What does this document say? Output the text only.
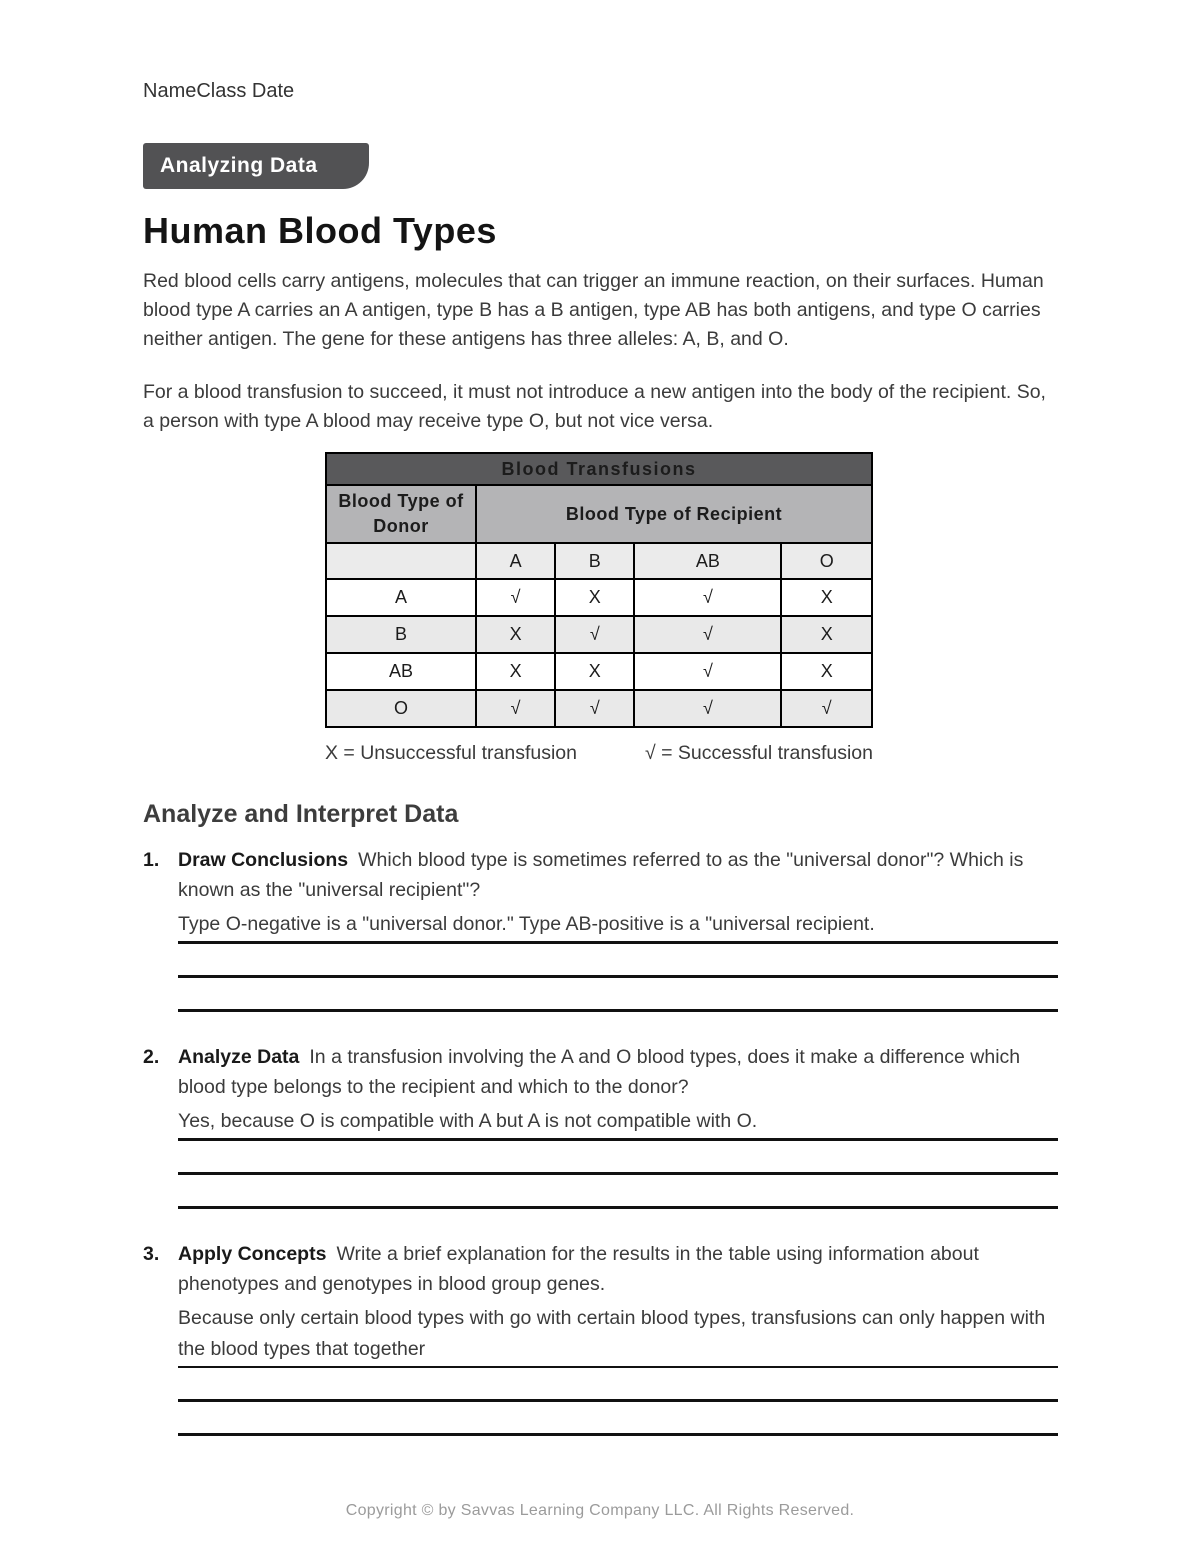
NameClass Date
Analyzing Data
Human Blood Types

Red blood cells carry antigens, molecules that can trigger an immune reaction, on their surfaces. Human blood type A carries an A antigen, type B has a B antigen, type AB has both antigens, and type O carries neither antigen. The gene for these antigens has three alleles: A, B, and O.

For a blood transfusion to succeed, it must not introduce a new antigen into the body of the recipient. So, a person with type A blood may receive type O, but not vice versa.

Blood Transfusions				
Blood Type of Donor	Blood Type of Recipient			
	A	B	AB	O
A	√	X	√	X
B	X	√	√	X
AB	X	X	√	X
O	√	√	√	√
X = Unsuccessful transfusion	√ = Successful transfusion
Analyze and Interpret Data
1. Draw Conclusions Which blood type is sometimes referred to as the "universal donor"? Which is known as the "universal recipient"?
Type O-negative is a "universal donor." Type AB-positive is a "universal recipient.
2. Analyze Data In a transfusion involving the A and O blood types, does it make a difference which blood type belongs to the recipient and which to the donor?
Yes, because O is compatible with A but A is not compatible with O.
3. Apply Concepts Write a brief explanation for the results in the table using information about phenotypes and genotypes in blood group genes.
Because only certain blood types with go with certain blood types, transfusions can only happen with the blood types that together
Copyright © by Savvas Learning Company LLC. All Rights Reserved.
